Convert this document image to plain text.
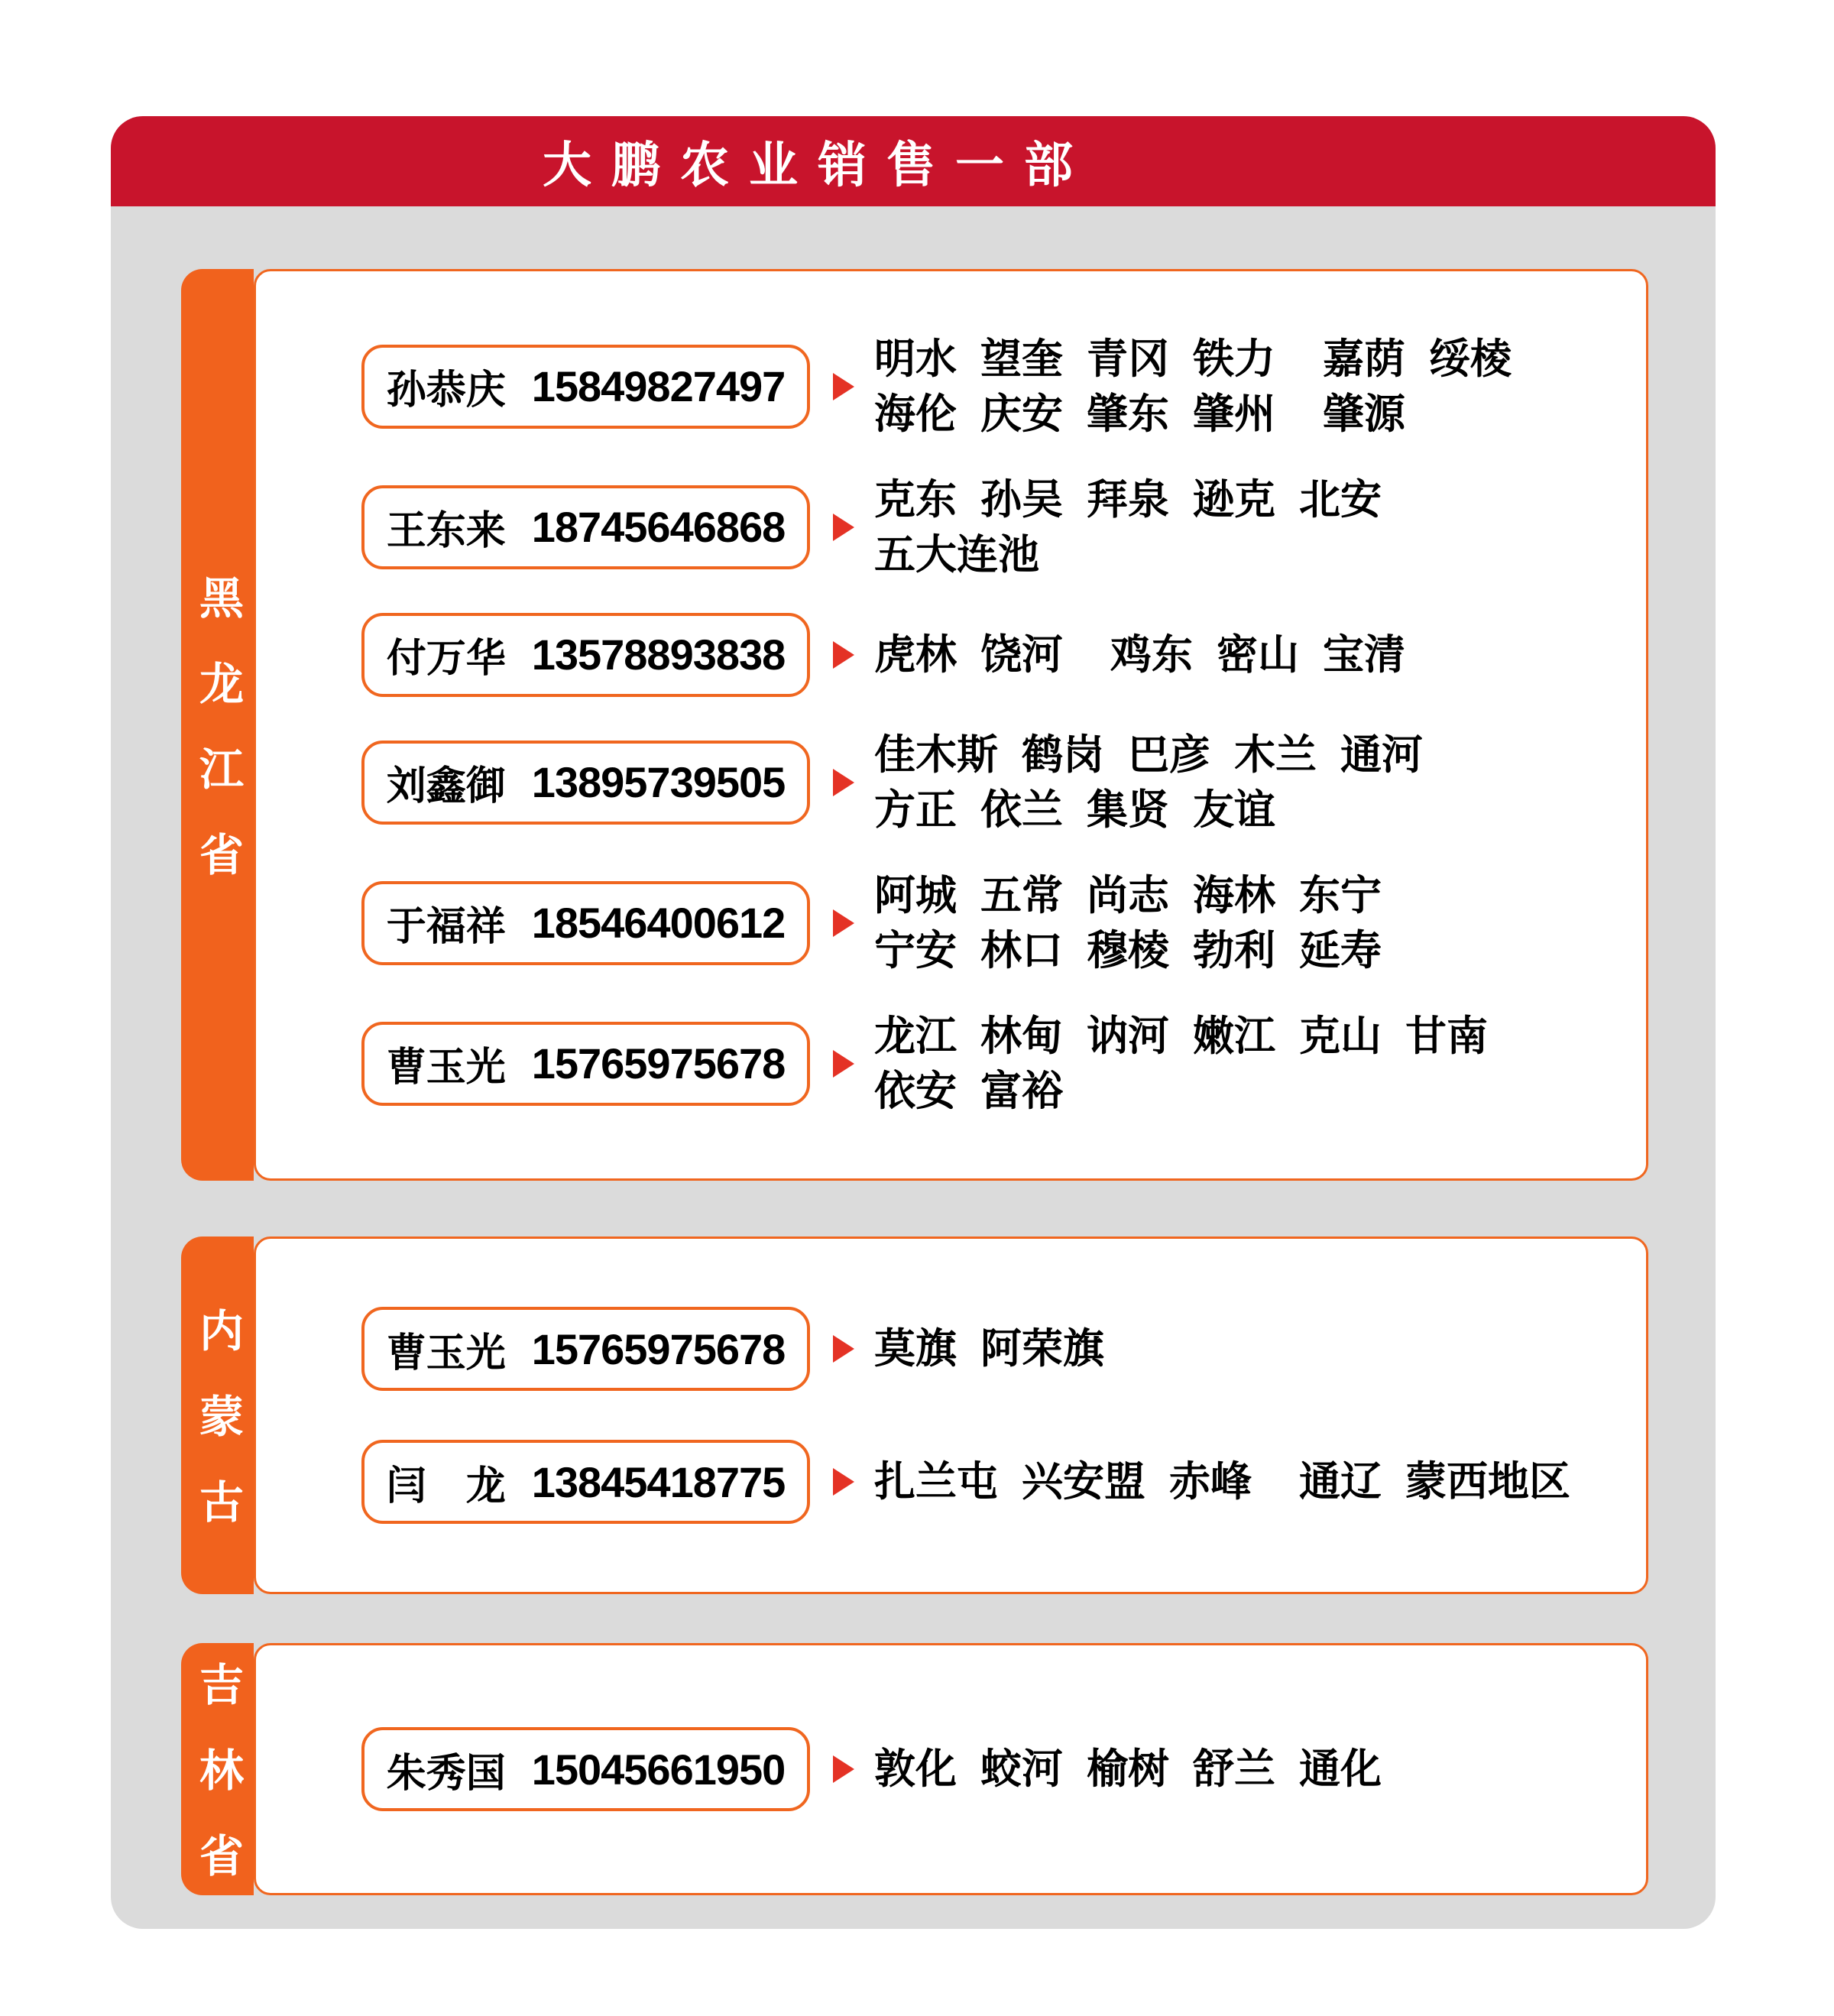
大鹏农业销售一部
黑龙江省
孙恭庆 15849827497
明水 望奎 青冈 铁力  嘉荫 绥棱
海伦 庆安 肇东 肇州  肇源
王东来 18745646868
克东 孙吴 拜泉 逊克 北安
五大连池
付万华 13578893838 虎林 饶河  鸡东 密山 宝清
刘鑫御 13895739505
佳木斯 鹤岗 巴彦 木兰 通河
方正 依兰 集贤 友谊
于福祥 18546400612
阿城 五常 尚志 海林 东宁
宁安 林口 穆棱 勃利 延寿
曹玉光 15765975678
龙江 林甸 讷河 嫩江 克山 甘南
依安 富裕
内蒙古	曹玉光 15765975678 莫旗 阿荣旗
闫　龙 13845418775 扎兰屯 兴安盟 赤峰  通辽 蒙西地区
吉林省	朱秀国 15045661950 敦化 蛟河 榆树 舒兰 通化
